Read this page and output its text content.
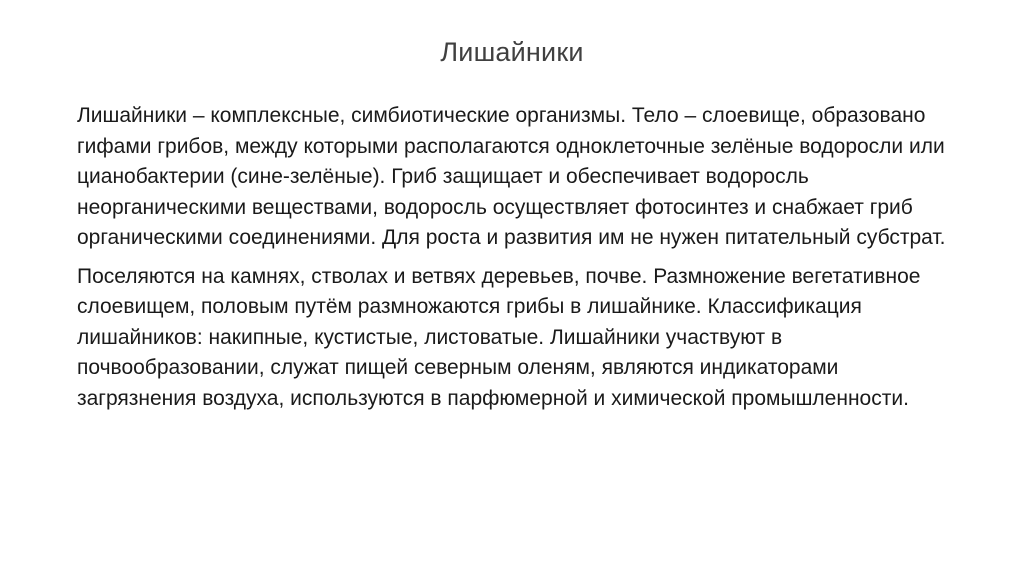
Лишайники

Лишайники – комплексные, симбиотические организмы. Тело – слоевище, образовано гифами грибов, между которыми располагаются одноклеточные зелёные водоросли или цианобактерии (сине-зелёные). Гриб защищает и обеспечивает водоросль неорганическими веществами, водоросль осуществляет фотосинтез и снабжает гриб органическими соединениями. Для роста и развития им не нужен питательный субстрат.

Поселяются на камнях, стволах и ветвях деревьев, почве. Размножение вегетативное слоевищем, половым путём размножаются грибы в лишайнике. Классификация лишайников: накипные, кустистые, листоватые. Лишайники участвуют в почвообразовании, служат пищей северным оленям, являются индикаторами загрязнения воздуха, используются в парфюмерной и химической промышленности.
